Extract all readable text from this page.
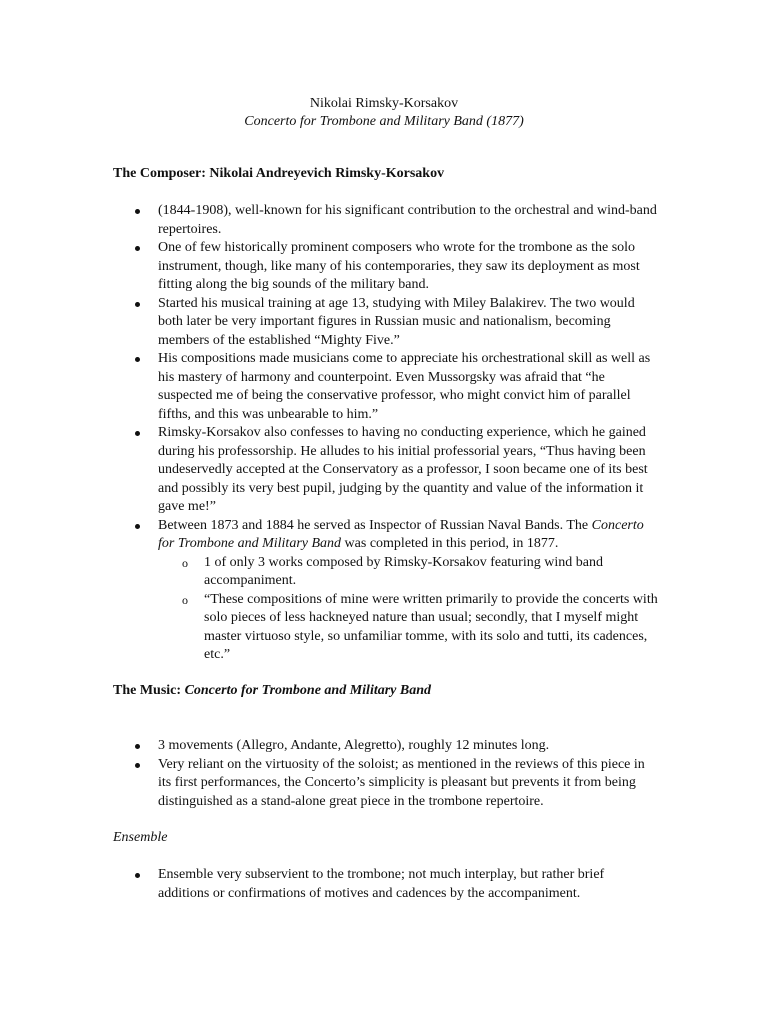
Nikolai Rimsky-Korsakov
Concerto for Trombone and Military Band (1877)
The Composer: Nikolai Andreyevich Rimsky-Korsakov
(1844-1908), well-known for his significant contribution to the orchestral and wind-band repertoires.
One of few historically prominent composers who wrote for the trombone as the solo instrument, though, like many of his contemporaries, they saw its deployment as most fitting along the big sounds of the military band.
Started his musical training at age 13, studying with Miley Balakirev. The two would both later be very important figures in Russian music and nationalism, becoming members of the established “Mighty Five.”
His compositions made musicians come to appreciate his orchestrational skill as well as his mastery of harmony and counterpoint. Even Mussorgsky was afraid that “he suspected me of being the conservative professor, who might convict him of parallel fifths, and this was unbearable to him.”
Rimsky-Korsakov also confesses to having no conducting experience, which he gained during his professorship. He alludes to his initial professorial years, “Thus having been undeservedly accepted at the Conservatory as a professor, I soon became one of its best and possibly its very best pupil, judging by the quantity and value of the information it gave me!”
Between 1873 and 1884 he served as Inspector of Russian Naval Bands. The Concerto for Trombone and Military Band was completed in this period, in 1877.
o 1 of only 3 works composed by Rimsky-Korsakov featuring wind band accompaniment.
o “These compositions of mine were written primarily to provide the concerts with solo pieces of less hackneyed nature than usual; secondly, that I myself might master virtuoso style, so unfamiliar tomme, with its solo and tutti, its cadences, etc.”
The Music: Concerto for Trombone and Military Band
3 movements (Allegro, Andante, Alegretto), roughly 12 minutes long.
Very reliant on the virtuosity of the soloist; as mentioned in the reviews of this piece in its first performances, the Concerto’s simplicity is pleasant but prevents it from being distinguished as a stand-alone great piece in the trombone repertoire.
Ensemble
Ensemble very subservient to the trombone; not much interplay, but rather brief additions or confirmations of motives and cadences by the accompaniment.
